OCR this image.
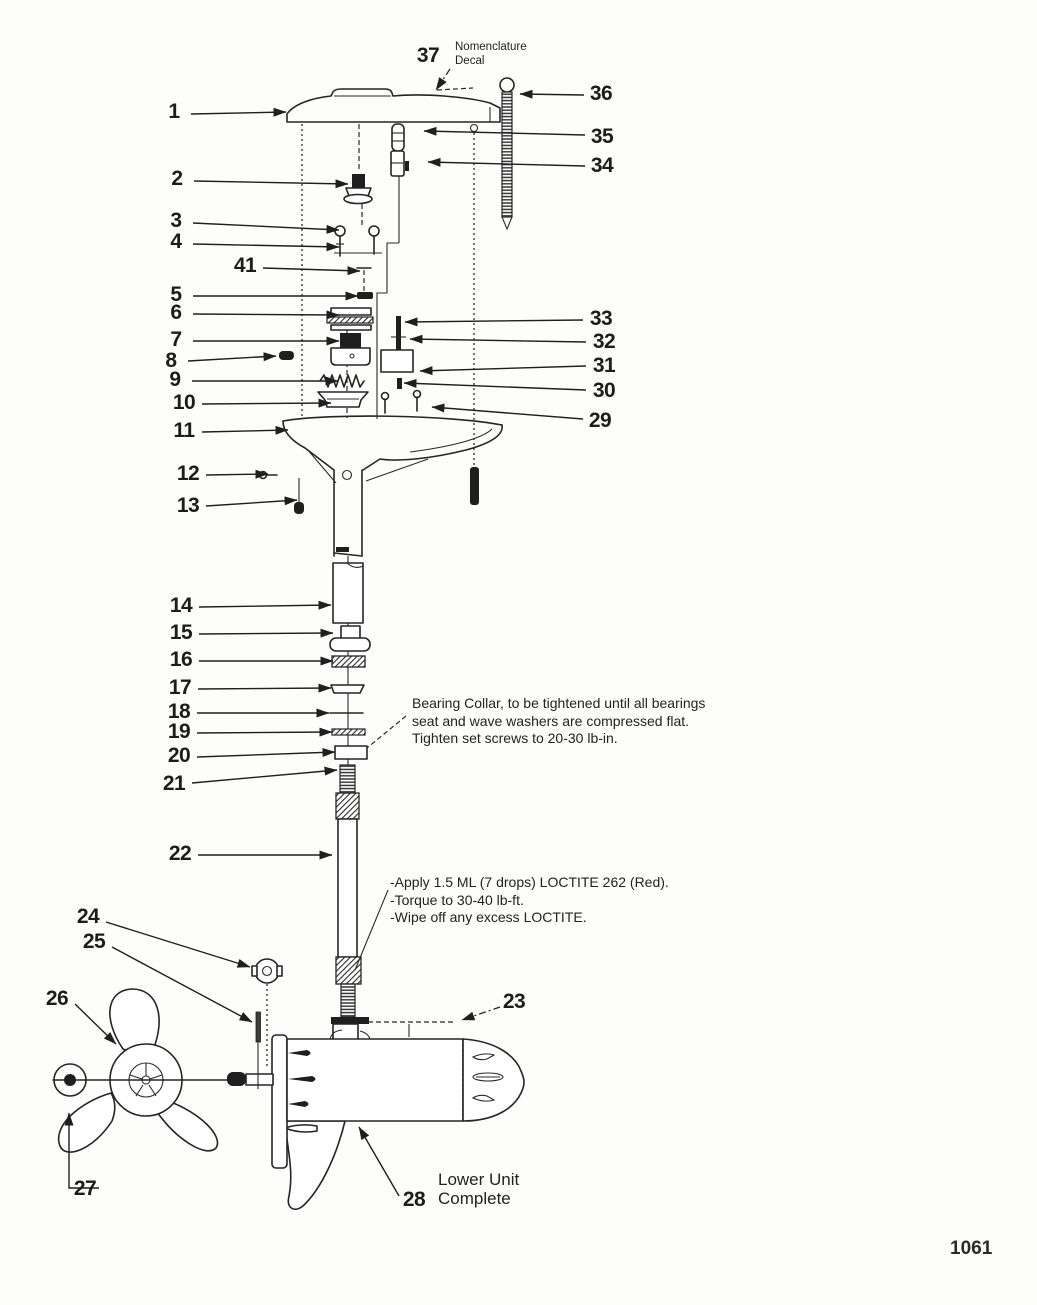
1
2
3
4
41
5
6
7
8
9
10
11
12
13
14
15
16
17
18
19
20
21
22
23
24
25
26
27	28
29
30
31
32
33
34
35
36
37 Nomenclature
Decal
Bearing Collar, to be tightened until all bearings
seat and wave washers are compressed flat.
Tighten set screws to 20-30 lb-in.
-Apply 1.5 ML (7 drops) LOCTITE 262 (Red).
-Torque to 30-40 lb-ft.
-Wipe off any excess LOCTITE.
Lower Unit
Complete
1061
